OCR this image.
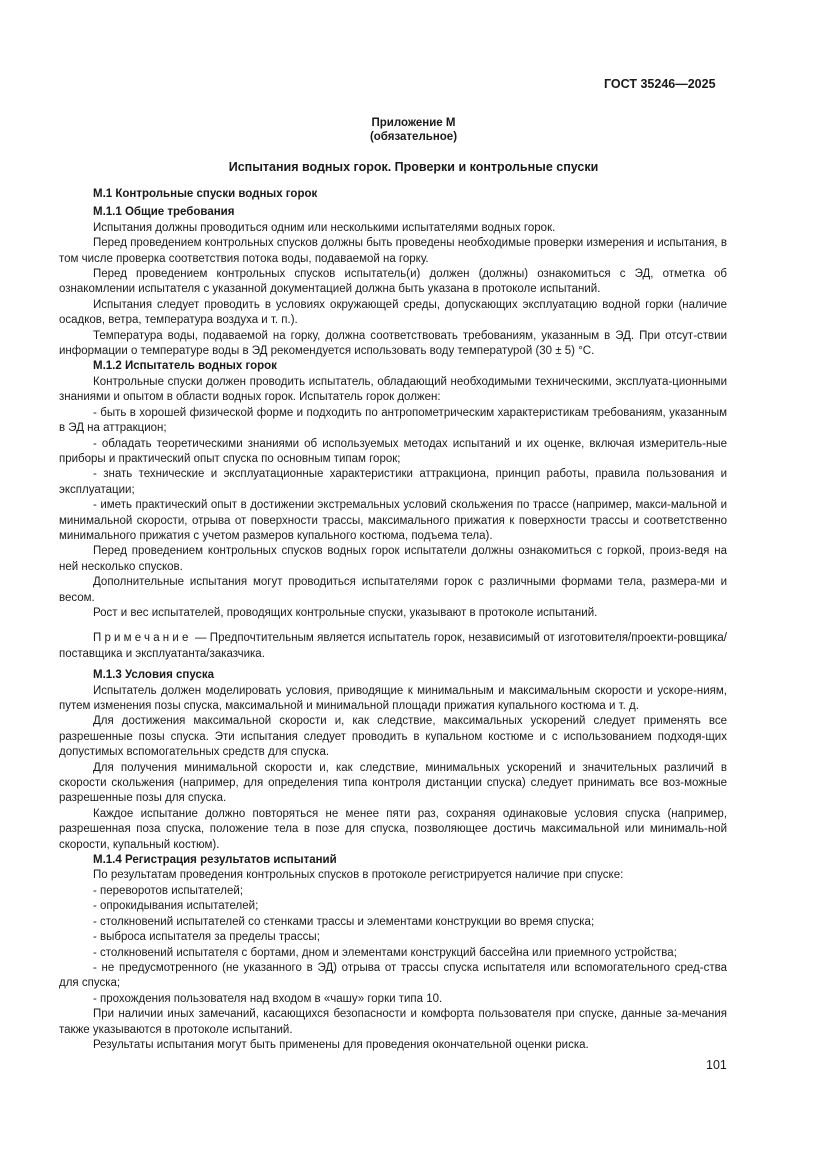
ГОСТ 35246—2025
Приложение М
(обязательное)
Испытания водных горок. Проверки и контрольные спуски

М.1 Контрольные спуски водных горок

М.1.1 Общие требования

Испытания должны проводиться одним или несколькими испытателями водных горок.

Перед проведением контрольных спусков должны быть проведены необходимые проверки измерения и испытания, в том числе проверка соответствия потока воды, подаваемой на горку.

Перед проведением контрольных спусков испытатель(и) должен (должны) ознакомиться с ЭД, отметка об ознакомлении испытателя с указанной документацией должна быть указана в протоколе испытаний.

Испытания следует проводить в условиях окружающей среды, допускающих эксплуатацию водной горки (наличие осадков, ветра, температура воздуха и т. п.).

Температура воды, подаваемой на горку, должна соответствовать требованиям, указанным в ЭД. При отсут-ствии информации о температуре воды в ЭД рекомендуется использовать воду температурой (30 ± 5) °С.

М.1.2 Испытатель водных горок

Контрольные спуски должен проводить испытатель, обладающий необходимыми техническими, эксплуата-ционными знаниями и опытом в области водных горок. Испытатель горок должен:

- быть в хорошей физической форме и подходить по антропометрическим характеристикам требованиям, указанным в ЭД на аттракцион;

- обладать теоретическими знаниями об используемых методах испытаний и их оценке, включая измеритель-ные приборы и практический опыт спуска по основным типам горок;

- знать технические и эксплуатационные характеристики аттракциона, принцип работы, правила пользования и эксплуатации;

- иметь практический опыт в достижении экстремальных условий скольжения по трассе (например, макси-мальной и минимальной скорости, отрыва от поверхности трассы, максимального прижатия к поверхности трассы и соответственно минимального прижатия с учетом размеров купального костюма, подъема тела).

Перед проведением контрольных спусков водных горок испытатели должны ознакомиться с горкой, произ-ведя на ней несколько спусков.

Дополнительные испытания могут проводиться испытателями горок с различными формами тела, размера-ми и весом.

Рост и вес испытателей, проводящих контрольные спуски, указывают в протоколе испытаний.

Примечание — Предпочтительным является испытатель горок, независимый от изготовителя/проекти-ровщика/поставщика и эксплуатанта/заказчика.

М.1.3 Условия спуска

Испытатель должен моделировать условия, приводящие к минимальным и максимальным скорости и ускоре-ниям, путем изменения позы спуска, максимальной и минимальной площади прижатия купального костюма и т. д.

Для достижения максимальной скорости и, как следствие, максимальных ускорений следует применять все разрешенные позы спуска. Эти испытания следует проводить в купальном костюме и с использованием подходя-щих допустимых вспомогательных средств для спуска.

Для получения минимальной скорости и, как следствие, минимальных ускорений и значительных различий в скорости скольжения (например, для определения типа контроля дистанции спуска) следует принимать все воз-можные разрешенные позы для спуска.

Каждое испытание должно повторяться не менее пяти раз, сохраняя одинаковые условия спуска (например, разрешенная поза спуска, положение тела в позе для спуска, позволяющее достичь максимальной или минималь-ной скорости, купальный костюм).

М.1.4 Регистрация результатов испытаний

По результатам проведения контрольных спусков в протоколе регистрируется наличие при спуске:

- переворотов испытателей;

- опрокидывания испытателей;

- столкновений испытателей со стенками трассы и элементами конструкции во время спуска;

- выброса испытателя за пределы трассы;

- столкновений испытателя с бортами, дном и элементами конструкций бассейна или приемного устройства;

- не предусмотренного (не указанного в ЭД) отрыва от трассы спуска испытателя или вспомогательного сред-ства для спуска;

- прохождения пользователя над входом в «чашу» горки типа 10.

При наличии иных замечаний, касающихся безопасности и комфорта пользователя при спуске, данные за-мечания также указываются в протоколе испытаний.

Результаты испытания могут быть применены для проведения окончательной оценки риска.

101
